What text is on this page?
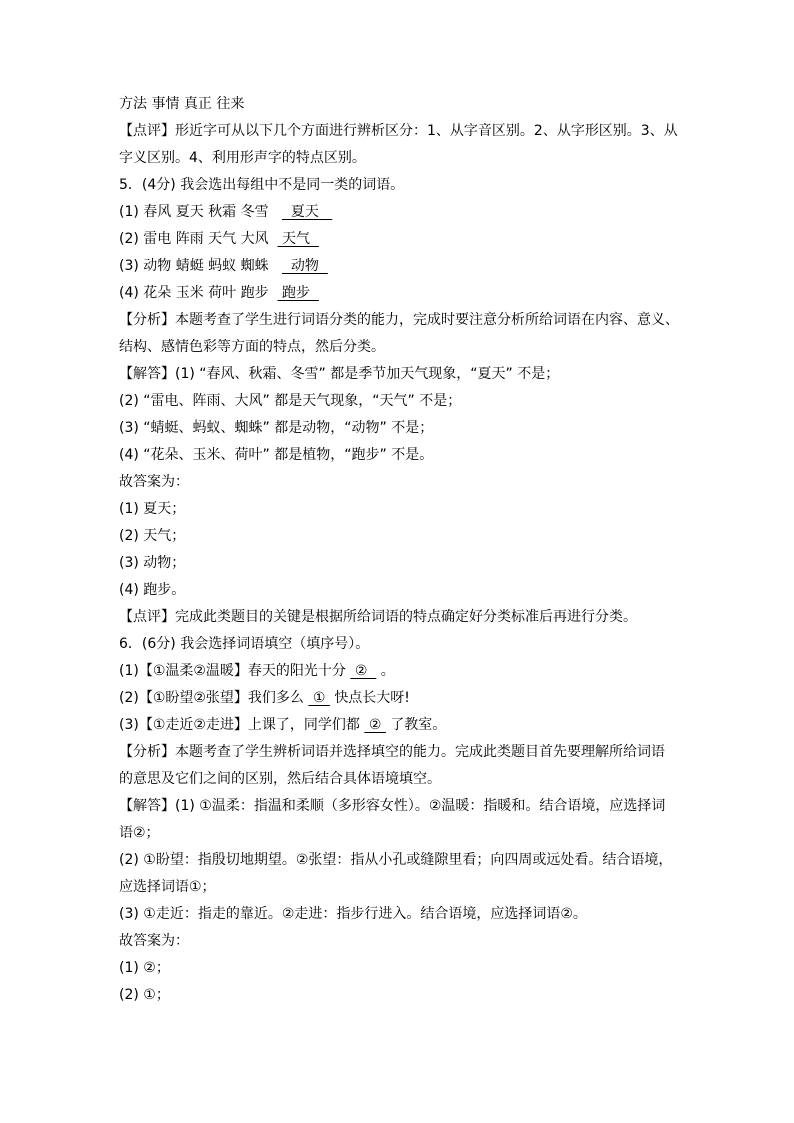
方法 事情 真正 往来
【点评】形近字可从以下几个方面进行辨析区分：1、从字音区别。2、从字形区别。3、从
字义区别。4、利用形声字的特点区别。
5．(4分) 我会选出每组中不是同一类的词语。
(1) 春风 夏天 秋霜 冬雪 夏天
(2) 雷电 阵雨 天气 大风 天气
(3) 动物 蜻蜓 蚂蚁 蜘蛛 动物
(4) 花朵 玉米 荷叶 跑步 跑步
【分析】本题考查了学生进行词语分类的能力，完成时要注意分析所给词语在内容、意义、
结构、感情色彩等方面的特点，然后分类。
【解答】(1) “春风、秋霜、冬雪” 都是季节加天气现象，“夏天” 不是；
(2) “雷电、阵雨、大风” 都是天气现象，“天气” 不是；
(3) “蜻蜓、蚂蚁、蜘蛛” 都是动物，“动物” 不是；
(4) “花朵、玉米、荷叶” 都是植物，“跑步” 不是。
故答案为：
(1) 夏天；
(2) 天气；
(3) 动物；
(4) 跑步。
【点评】完成此类题目的关键是根据所给词语的特点确定好分类标准后再进行分类。
6．(6分) 我会选择词语填空（填序号）。
(1)【①温柔②温暖】春天的阳光十分 ② 。
(2)【①盼望②张望】我们多么 ① 快点长大呀!
(3)【①走近②走进】上课了，同学们都 ② 了教室。
【分析】本题考查了学生辨析词语并选择填空的能力。完成此类题目首先要理解所给词语
的意思及它们之间的区别，然后结合具体语境填空。
【解答】(1) ①温柔：指温和柔顺（多形容女性）。②温暖：指暖和。结合语境，应选择词
语②；
(2) ①盼望：指殷切地期望。②张望：指从小孔或缝隙里看；向四周或远处看。结合语境，
应选择词语①；
(3) ①走近：指走的靠近。②走进：指步行进入。结合语境，应选择词语②。
故答案为：
(1) ②；
(2) ①；
